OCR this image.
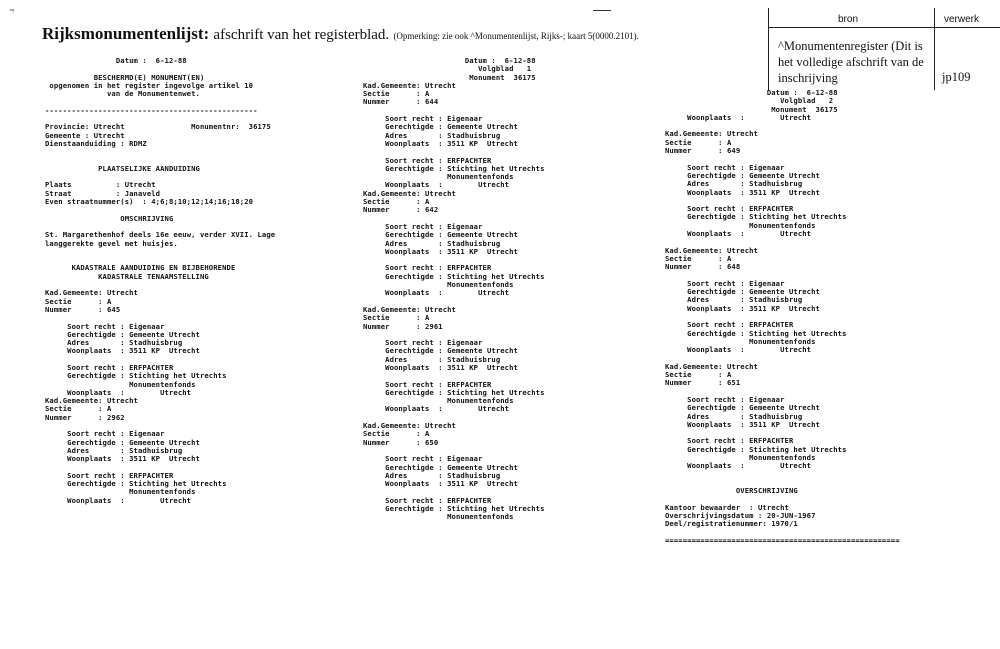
ㅋ
Rijksmonumentenlijst: afschrift van het registerblad. (Opmerking: zie ook ^Monumentenlijst, Rijks-; kaart 5(0000.2101).
bron	verwerk
^Monumentenregister (Dit is het volledige afschrift van de inschrijving	jp109
Datum :  6-12-88

BESCHERMD(E) MONUMENT(EN)
opgenomen in het register ingevolge artikel 10
van de Monumentenwet.

------------------------------------------------

Provincie: Utrecht               Monumentnr:  36175
Gemeente : Utrecht
Dienstaanduiding : RDMZ

PLAATSELIJKE AANDUIDING

Plaats          : Utrecht
Straat          : Janaveld
Even straatnummer(s)  : 4;6;8;10;12;14;16;18;20

OMSCHRIJVING

St. Margarethenhof deels 16e eeuw, verder XVII. Lage
langgerekte gevel met huisjes.

KADASTRALE AANDUIDING EN BIJBEHORENDE
KADASTRALE TENAAMSTELLING

Kad.Gemeente: Utrecht
Sectie      : A
Nummer      : 645

Soort recht : Eigenaar
Gerechtigde : Gemeente Utrecht
Adres       : Stadhuisbrug
Woonplaats  : 3511 KP  Utrecht

Soort recht : ERFPACHTER
Gerechtigde : Stichting het Utrechts
Monumentenfonds
Woonplaats  :        Utrecht
Kad.Gemeente: Utrecht
Sectie      : A
Nummer      : 2962

Soort recht : Eigenaar
Gerechtigde : Gemeente Utrecht
Adres       : Stadhuisbrug
Woonplaats  : 3511 KP  Utrecht

Soort recht : ERFPACHTER
Gerechtigde : Stichting het Utrechts
Monumentenfonds
Woonplaats  :        Utrecht
Datum :  6-12-88
Volgblad   1
Monument  36175
Kad.Gemeente: Utrecht
Sectie      : A
Nummer      : 644

Soort recht : Eigenaar
Gerechtigde : Gemeente Utrecht
Adres       : Stadhuisbrug
Woonplaats  : 3511 KP  Utrecht

Soort recht : ERFPACHTER
Gerechtigde : Stichting het Utrechts
Monumentenfonds
Woonplaats  :        Utrecht
Kad.Gemeente: Utrecht
Sectie      : A
Nummer      : 642

Soort recht : Eigenaar
Gerechtigde : Gemeente Utrecht
Adres       : Stadhuisbrug
Woonplaats  : 3511 KP  Utrecht

Soort recht : ERFPACHTER
Gerechtigde : Stichting het Utrechts
Monumentenfonds
Woonplaats  :        Utrecht

Kad.Gemeente: Utrecht
Sectie      : A
Nummer      : 2961

Soort recht : Eigenaar
Gerechtigde : Gemeente Utrecht
Adres       : Stadhuisbrug
Woonplaats  : 3511 KP  Utrecht

Soort recht : ERFPACHTER
Gerechtigde : Stichting het Utrechts
Monumentenfonds
Woonplaats  :        Utrecht

Kad.Gemeente: Utrecht
Sectie      : A
Nummer      : 650

Soort recht : Eigenaar
Gerechtigde : Gemeente Utrecht
Adres       : Stadhuisbrug
Woonplaats  : 3511 KP  Utrecht

Soort recht : ERFPACHTER
Gerechtigde : Stichting het Utrechts
Monumentenfonds
Datum :  6-12-88
Volgblad   2
Monument  36175
Woonplaats  :        Utrecht

Kad.Gemeente: Utrecht
Sectie      : A
Nummer      : 649

Soort recht : Eigenaar
Gerechtigde : Gemeente Utrecht
Adres       : Stadhuisbrug
Woonplaats  : 3511 KP  Utrecht

Soort recht : ERFPACHTER
Gerechtigde : Stichting het Utrechts
Monumentenfonds
Woonplaats  :        Utrecht

Kad.Gemeente: Utrecht
Sectie      : A
Nummer      : 648

Soort recht : Eigenaar
Gerechtigde : Gemeente Utrecht
Adres       : Stadhuisbrug
Woonplaats  : 3511 KP  Utrecht

Soort recht : ERFPACHTER
Gerechtigde : Stichting het Utrechts
Monumentenfonds
Woonplaats  :        Utrecht

Kad.Gemeente: Utrecht
Sectie      : A
Nummer      : 651

Soort recht : Eigenaar
Gerechtigde : Gemeente Utrecht
Adres       : Stadhuisbrug
Woonplaats  : 3511 KP  Utrecht

Soort recht : ERFPACHTER
Gerechtigde : Stichting het Utrechts
Monumentenfonds
Woonplaats  :        Utrecht

OVERSCHRIJVING

Kantoor bewaarder  : Utrecht
Overschrijvingsdatum : 20-JUN-1967
Deel/registratienummer: 1970/1

=====================================================
